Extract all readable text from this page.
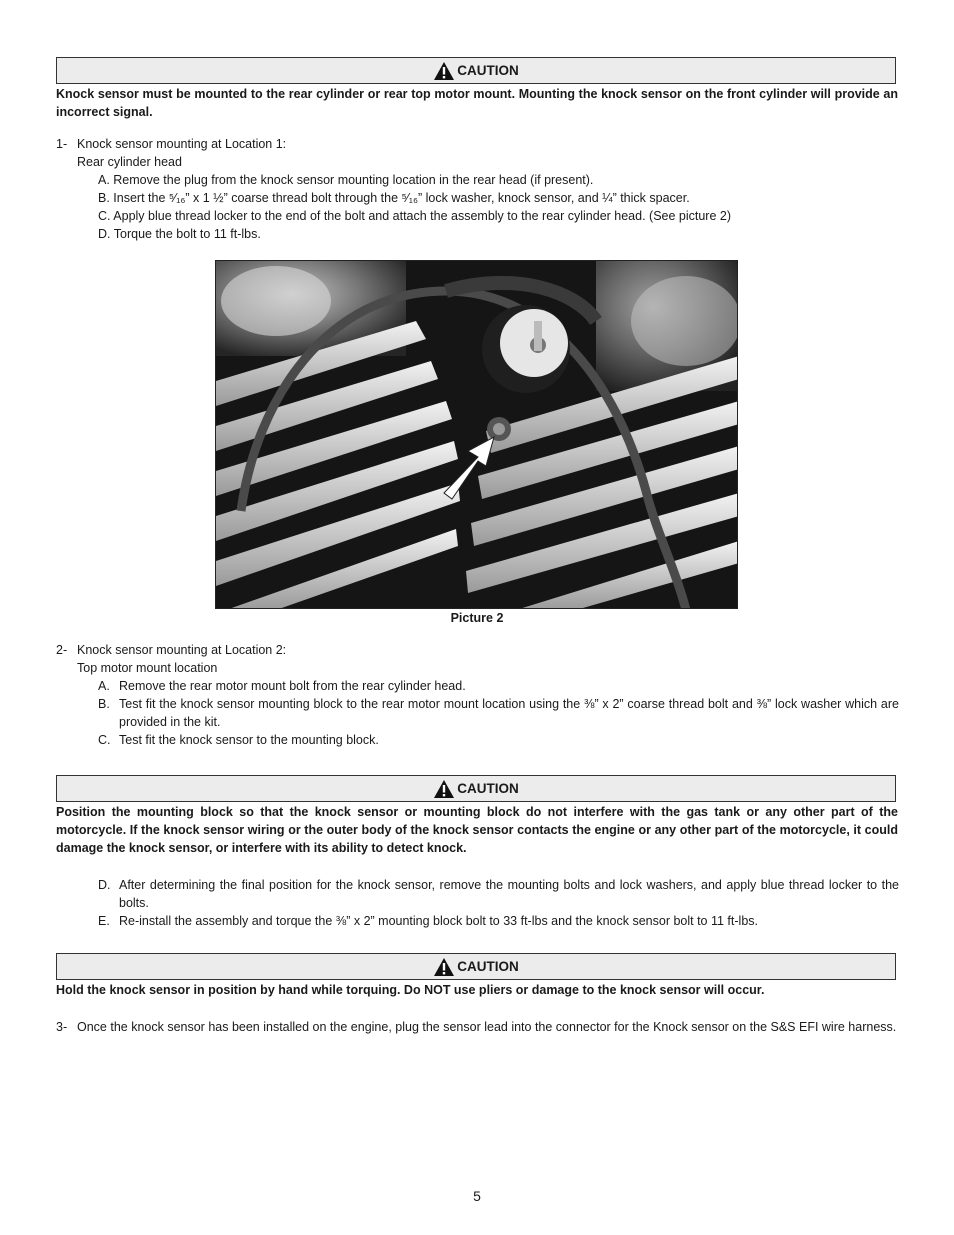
CAUTION
Knock sensor must be mounted to the rear cylinder or rear top motor mount. Mounting the knock sensor on the front cylinder will provide an incorrect signal.
1- Knock sensor mounting at Location 1:
Rear cylinder head
A. Remove the plug from the knock sensor mounting location in the rear head (if present).
B. Insert the ⁵⁄₁₆” x 1 ½” coarse thread bolt through the ⁵⁄₁₆” lock washer, knock sensor, and ¼” thick spacer.
C. Apply blue thread locker to the end of the bolt and attach the assembly to the rear cylinder head. (See picture 2)
D. Torque the bolt to 11 ft-lbs.
Picture 2
2- Knock sensor mounting at Location 2:
Top motor mount location
A. Remove the rear motor mount bolt from the rear cylinder head.
B. Test fit the knock sensor mounting block to the rear motor mount location using the ⅜” x 2” coarse thread bolt and ⅜” lock washer which are provided in the kit.
C. Test fit the knock sensor to the mounting block.
CAUTION
Position the mounting block so that the knock sensor or mounting block do not interfere with the gas tank or any other part of the motorcycle. If the knock sensor wiring or the outer body of the knock sensor contacts the engine or any other part of the motorcycle, it could damage the knock sensor, or interfere with its ability to detect knock.
D. After determining the final position for the knock sensor, remove the mounting bolts and lock washers, and apply blue thread locker to the bolts.
E. Re-install the assembly and torque the ⅜” x 2” mounting block bolt to 33 ft-lbs and the knock sensor bolt to 11 ft-lbs.
CAUTION
Hold the knock sensor in position by hand while torquing. Do NOT use pliers or damage to the knock sensor will occur.
3- Once the knock sensor has been installed on the engine, plug the sensor lead into the connector for the Knock sensor on the S&S EFI wire harness.
5
